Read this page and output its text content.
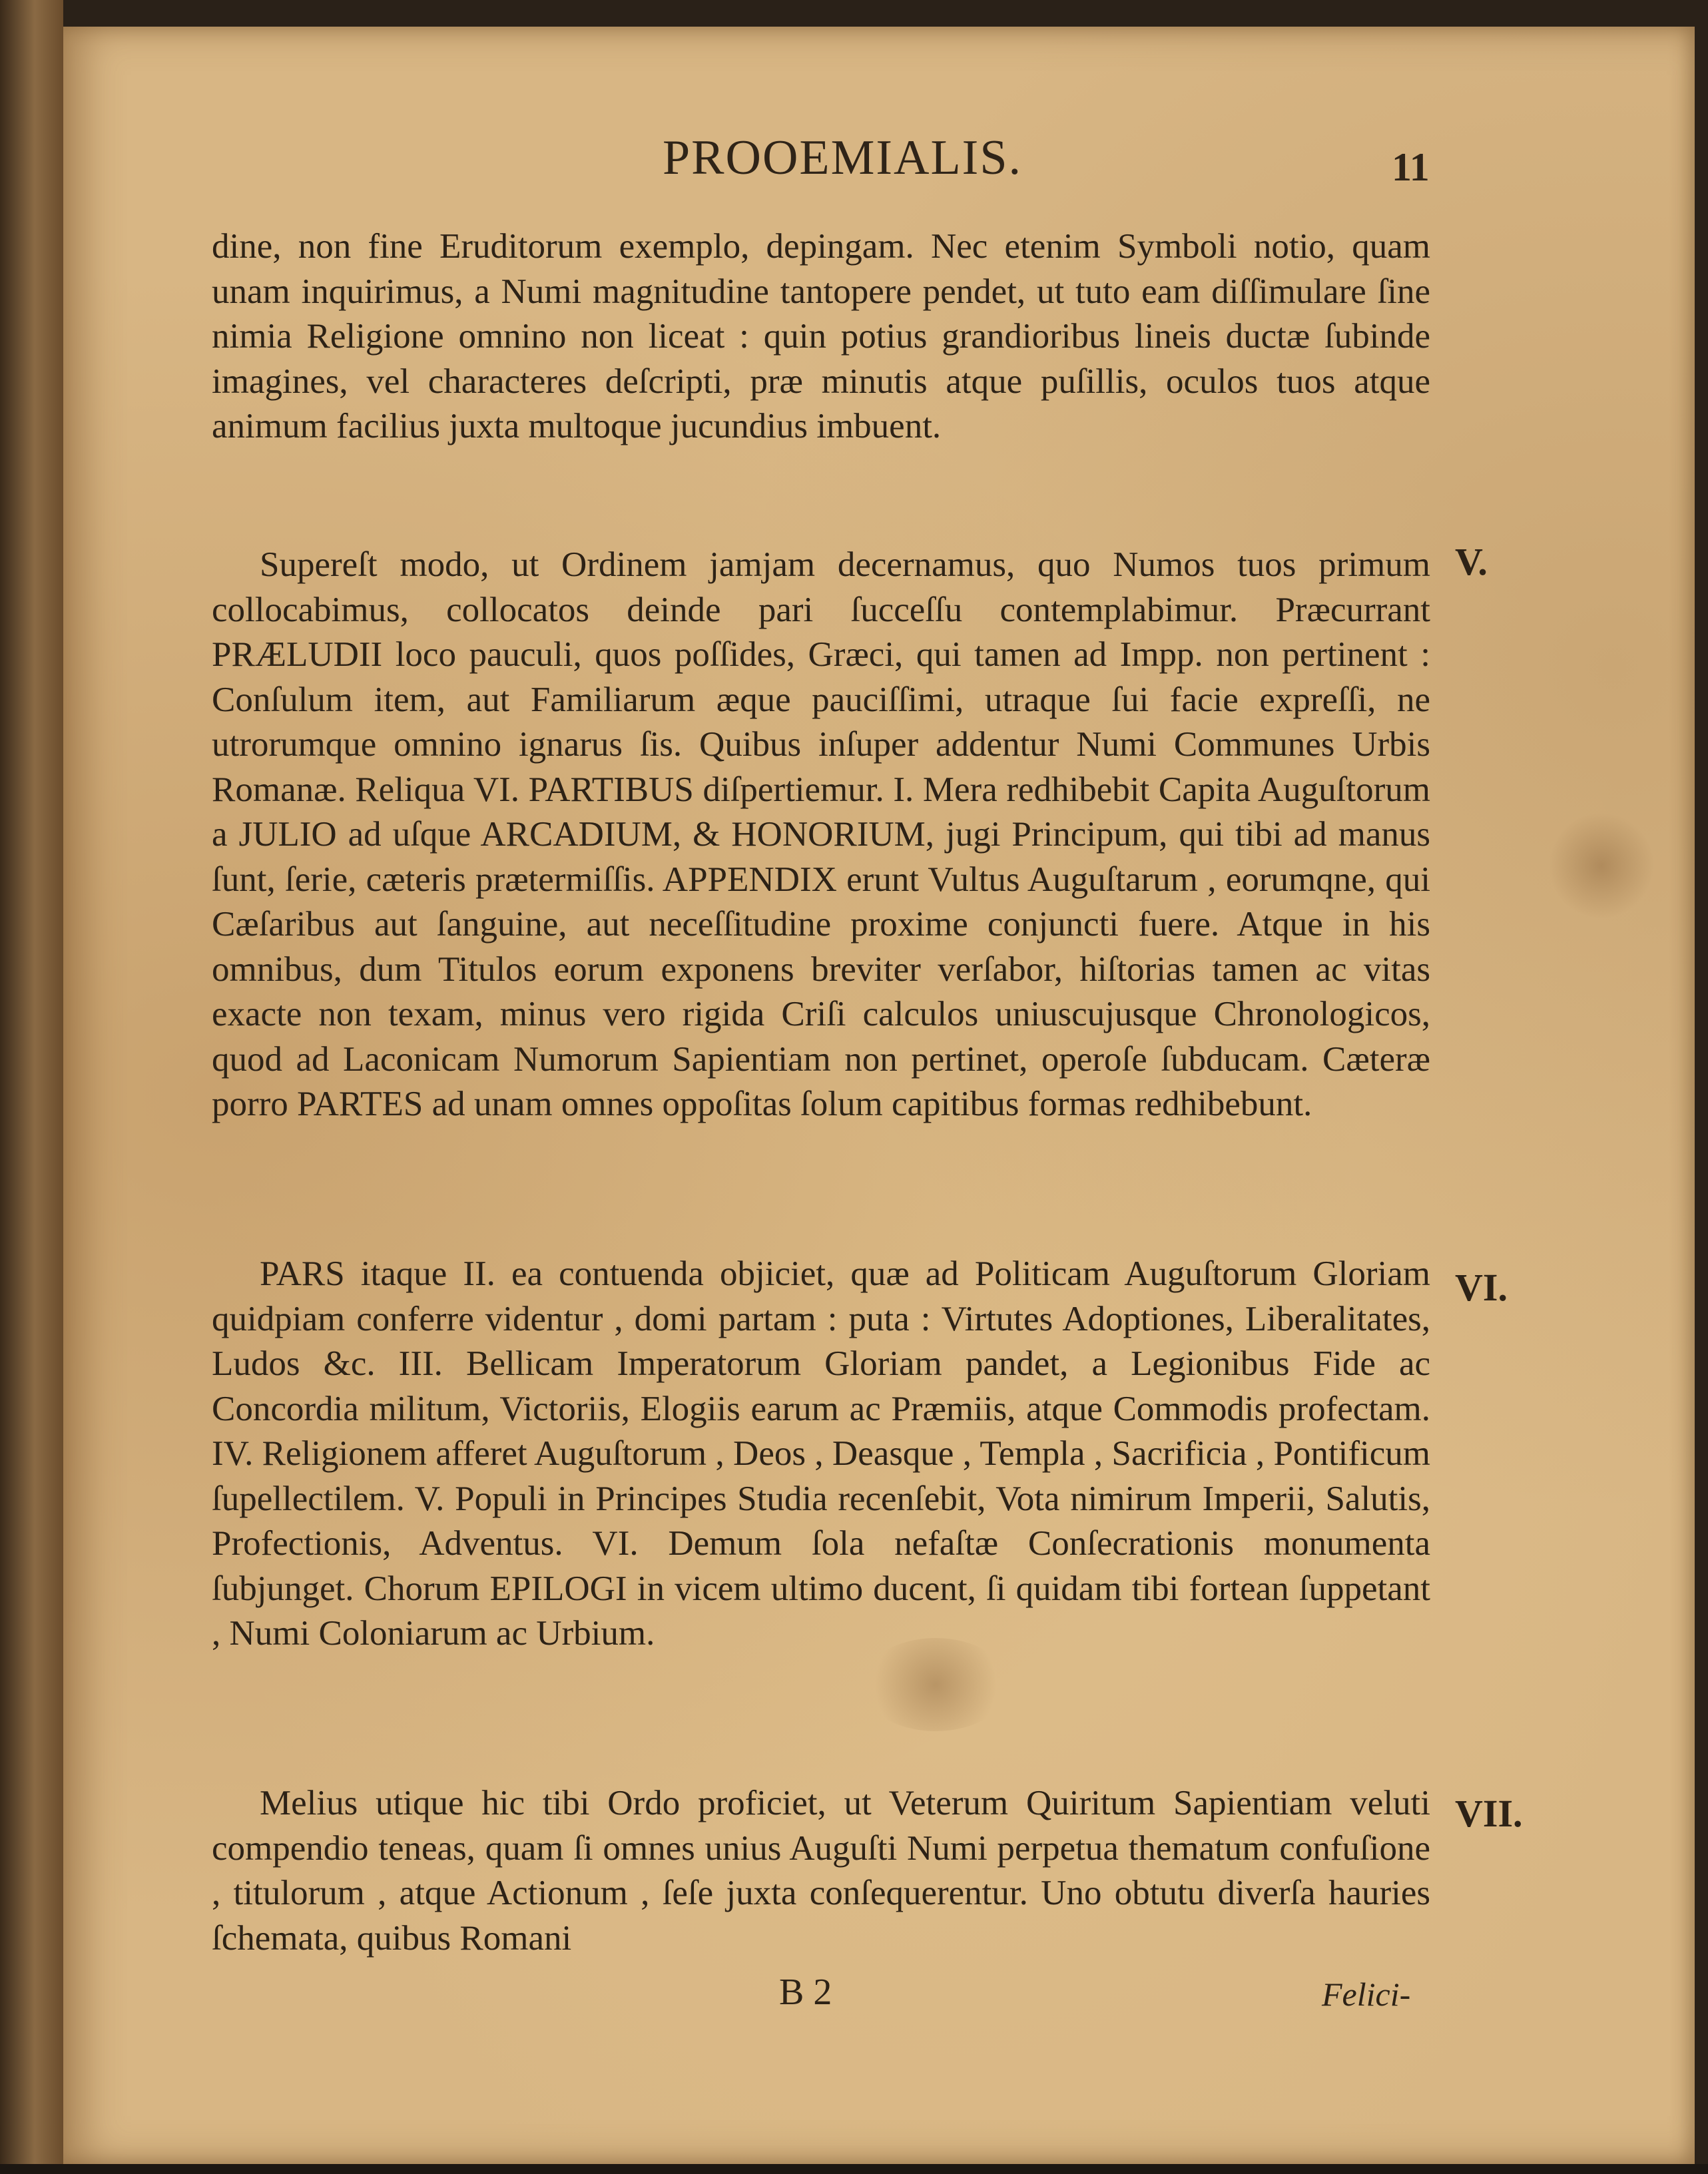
PROOEMIALIS.	11

dine, non fine Eruditorum exemplo, depingam. Nec etenim Symboli notio, quam unam inquirimus, a Numi magnitudine tantopere pendet, ut tuto eam diſſimulare ſine nimia Religione omnino non liceat : quin potius grandioribus lineis ductæ ſubinde imagines, vel characteres deſcripti, præ minutis atque puſillis, oculos tuos atque animum facilius juxta multoque jucundius imbuent.

V.

Supereſt modo, ut Ordinem jamjam decernamus, quo Numos tuos primum collocabimus, collocatos deinde pari ſucceſſu contemplabimur. Præcurrant PRÆLUDII loco pauculi, quos poſſides, Græci, qui tamen ad Impp. non pertinent : Conſulum item, aut Familiarum æque pauciſſimi, utraque ſui facie expreſſi, ne utrorumque omnino ignarus ſis. Quibus inſuper addentur Numi Communes Urbis Romanæ. Reliqua VI. PARTIBUS diſpertiemur. I. Mera redhibebit Capita Auguſtorum a JULIO ad uſque ARCADIUM, & HONORIUM, jugi Principum, qui tibi ad manus ſunt, ſerie, cæteris prætermiſſis. APPENDIX erunt Vultus Auguſtarum , eorumqne, qui Cæſaribus aut ſanguine, aut neceſſitudine proxime conjuncti fuere. Atque in his omnibus, dum Titulos eorum exponens breviter verſabor, hiſtorias tamen ac vitas exacte non texam, minus vero rigida Criſi calculos uniuscujusque Chronologicos, quod ad Laconicam Numorum Sapientiam non pertinet, operoſe ſubducam. Cæteræ porro PARTES ad unam omnes oppoſitas ſolum capitibus formas redhibebunt.

VI.

PARS itaque II. ea contuenda objiciet, quæ ad Politicam Auguſtorum Gloriam quidpiam conferre videntur , domi partam : puta : Virtutes Adoptiones, Liberalitates, Ludos &c. III. Bellicam Imperatorum Gloriam pandet, a Legionibus Fide ac Concordia militum, Victoriis, Elogiis earum ac Præmiis, atque Commodis profectam. IV. Religionem afferet Auguſtorum , Deos , Deasque , Templa , Sacrificia , Pontificum ſupellectilem. V. Populi in Principes Studia recenſebit, Vota nimirum Imperii, Salutis, Profectionis, Adventus. VI. Demum ſola nefaſtæ Conſecrationis monumenta ſubjunget. Chorum EPILOGI in vicem ultimo ducent, ſi quidam tibi fortean ſuppetant , Numi Coloniarum ac Urbium.

VII.

Melius utique hic tibi Ordo proficiet, ut Veterum Quiritum Sapientiam veluti compendio teneas, quam ſi omnes unius Auguſti Numi perpetua thematum confuſione , titulorum , atque Actionum , ſeſe juxta conſequerentur. Uno obtutu diverſa hauries ſchemata, quibus Romani

B 2	Felici-
